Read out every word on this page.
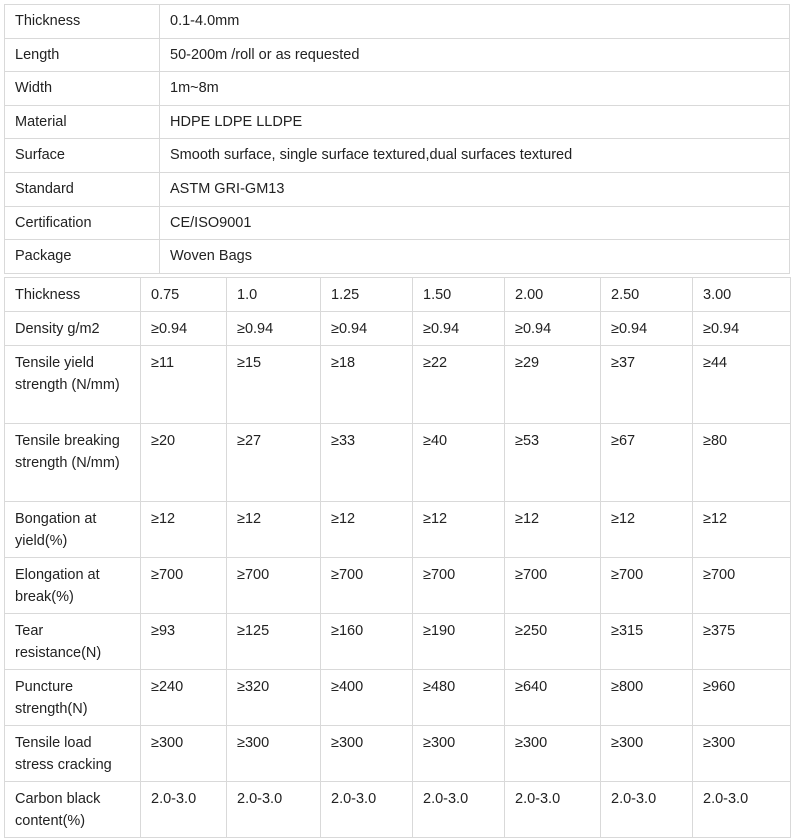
Thickness	0.1-4.0mm
Length	50-200m /roll or as requested
Width	1m~8m
Material	HDPE LDPE LLDPE
Surface	Smooth surface, single surface textured,dual surfaces textured
Standard	ASTM GRI-GM13
Certification	CE/ISO9001
Package	Woven Bags
Thickness	0.75	1.0	1.25	1.50	2.00	2.50	3.00
Density g/m2	≥0.94	≥0.94	≥0.94	≥0.94	≥0.94	≥0.94	≥0.94
Tensile yield strength (N/mm)	≥11	≥15	≥18	≥22	≥29	≥37	≥44
Tensile breaking strength (N/mm)	≥20	≥27	≥33	≥40	≥53	≥67	≥80
Bongation at yield(%)	≥12	≥12	≥12	≥12	≥12	≥12	≥12
Elongation at break(%)	≥700	≥700	≥700	≥700	≥700	≥700	≥700
Tear resistance(N)	≥93	≥125	≥160	≥190	≥250	≥315	≥375
Puncture strength(N)	≥240	≥320	≥400	≥480	≥640	≥800	≥960
Tensile load stress cracking	≥300	≥300	≥300	≥300	≥300	≥300	≥300
Carbon black content(%)	2.0-3.0	2.0-3.0	2.0-3.0	2.0-3.0	2.0-3.0	2.0-3.0	2.0-3.0
